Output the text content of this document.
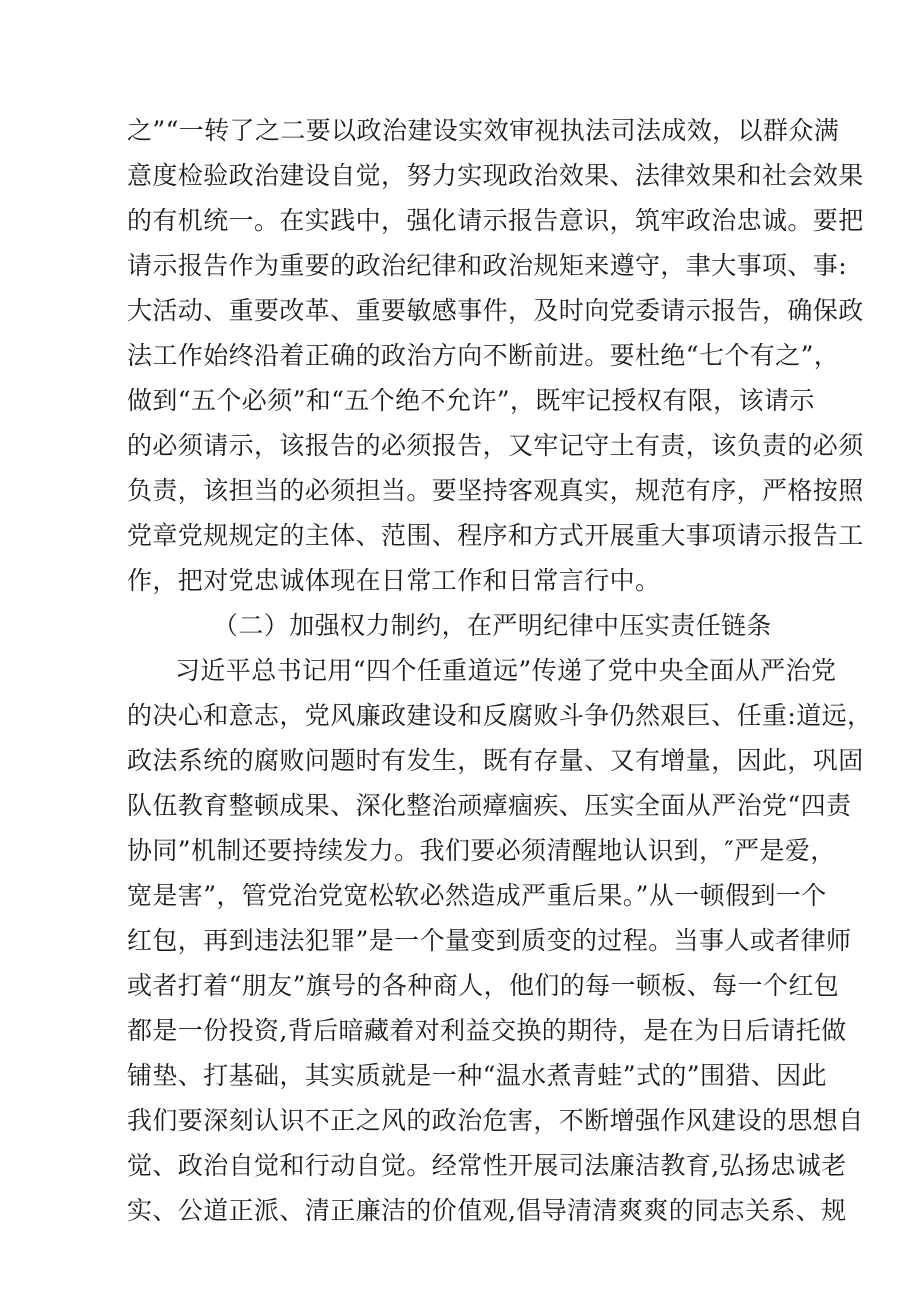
之”“一转了之二要以政治建设实效审视执法司法成效，以群众满
意度检验政治建设自觉，努力实现政治效果、法律效果和社会效果
的有机统一。在实践中，强化请示报告意识，筑牢政治忠诚。要把
请示报告作为重要的政治纪律和政治规矩来遵守，聿大事项、事:
大活动、重要改革、重要敏感事件，及时向党委请示报告，确保政
法工作始终沿着正确的政治方向不断前进。要杜绝“七个有之”，
做到“五个必须”和“五个绝不允许”，既牢记授权有限，该请示
的必须请示，该报告的必须报告，又牢记守土有责，该负责的必须
负责，该担当的必须担当。要坚持客观真实，规范有序，严格按照
党章党规规定的主体、范围、程序和方式开展重大事项请示报告工
作，把对党忠诚体现在日常工作和日常言行中。
（二）加强权力制约，在严明纪律中压实责任链条
习近平总书记用“四个任重道远”传递了党中央全面从严治党
的决心和意志，党风廉政建设和反腐败斗争仍然艰巨、任重:道远，
政法系统的腐败问题时有发生，既有存量、又有增量，因此，巩固
队伍教育整顿成果、深化整治顽瘴痼疾、压实全面从严治党“四责
协同”机制还要持续发力。我们要必须清醒地认识到，″严是爱，
宽是害”，管党治党宽松软必然造成严重后果。”从一顿假到一个
红包，再到违法犯罪”是一个量变到质变的过程。当事人或者律师
或者打着“朋友”旗号的各种商人，他们的每一顿板、每一个红包
都是一份投资,背后暗藏着对利益交换的期待，是在为日后请托做
铺垫、打基础，其实质就是一种“温水煮青蛙”式的”围猎、因此
我们要深刻认识不正之风的政治危害，不断增强作风建设的思想自
觉、政治自觉和行动自觉。经常性开展司法廉洁教育,弘扬忠诚老
实、公道正派、清正廉洁的价值观,倡导清清爽爽的同志关系、规
